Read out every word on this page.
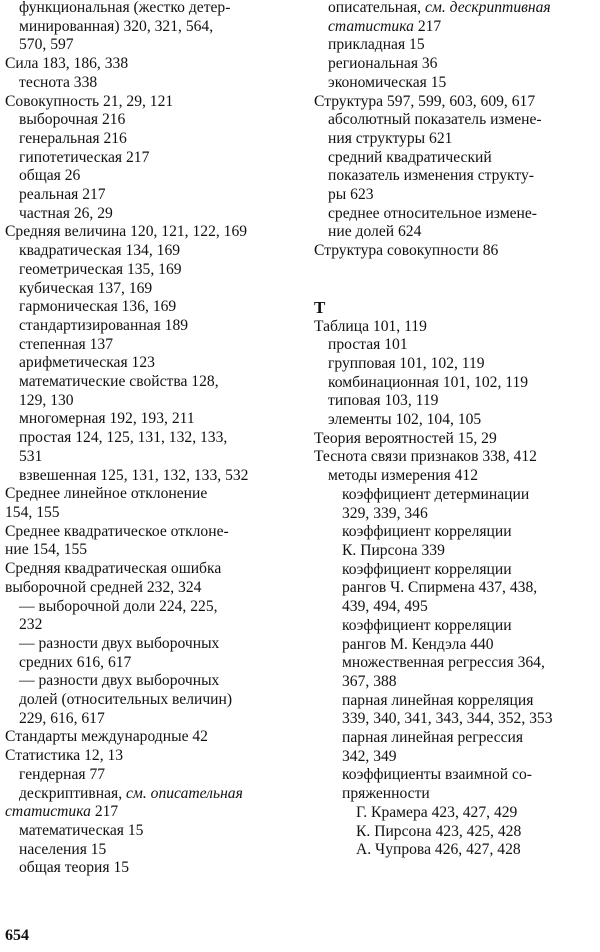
функциональная (жестко детер-
минированная) 320, 321, 564,
570, 597
Сила 183, 186, 338
теснота 338
Совокупность 21, 29, 121
выборочная 216
генеральная 216
гипотетическая 217
общая 26
реальная 217
частная 26, 29
Средняя величина 120, 121, 122, 169
квадратическая 134, 169
геометрическая 135, 169
кубическая 137, 169
гармоническая 136, 169
стандартизированная 189
степенная 137
арифметическая 123
математические свойства 128,
129, 130
многомерная 192, 193, 211
простая 124, 125, 131, 132, 133,
531
взвешенная 125, 131, 132, 133, 532
Среднее линейное отклонение
154, 155
Среднее квадратическое отклоне-
ние 154, 155
Средняя квадратическая ошибка
выборочной средней 232, 324
— выборочной доли 224, 225,
232
— разности двух выборочных
средних 616, 617
— разности двух выборочных
долей (относительных величин)
229, 616, 617
Стандарты международные 42
Статистика 12, 13
гендерная 77
дескриптивная, см. описательная
статистика 217
математическая 15
населения 15
общая теория 15
описательная, см. дескриптивная
статистика 217
прикладная 15
региональная 36
экономическая 15
Структура 597, 599, 603, 609, 617
абсолютный показатель измене-
ния структуры 621
средний квадратический
показатель изменения структу-
ры 623
среднее относительное измене-
ние долей 624
Структура совокупности 86
Т
Таблица 101, 119
простая 101
групповая 101, 102, 119
комбинационная 101, 102, 119
типовая 103, 119
элементы 102, 104, 105
Теория вероятностей 15, 29
Теснота связи признаков 338, 412
методы измерения 412
коэффициент детерминации
329, 339, 346
коэффициент корреляции
К. Пирсона 339
коэффициент корреляции
рангов Ч. Спирмена 437, 438,
439, 494, 495
коэффициент корреляции
рангов М. Кендэла 440
множественная регрессия 364,
367, 388
парная линейная корреляция
339, 340, 341, 343, 344, 352, 353
парная линейная регрессия
342, 349
коэффициенты взаимной со-
пряженности
Г. Крамера 423, 427, 429
К. Пирсона 423, 425, 428
А. Чупрова 426, 427, 428
654
